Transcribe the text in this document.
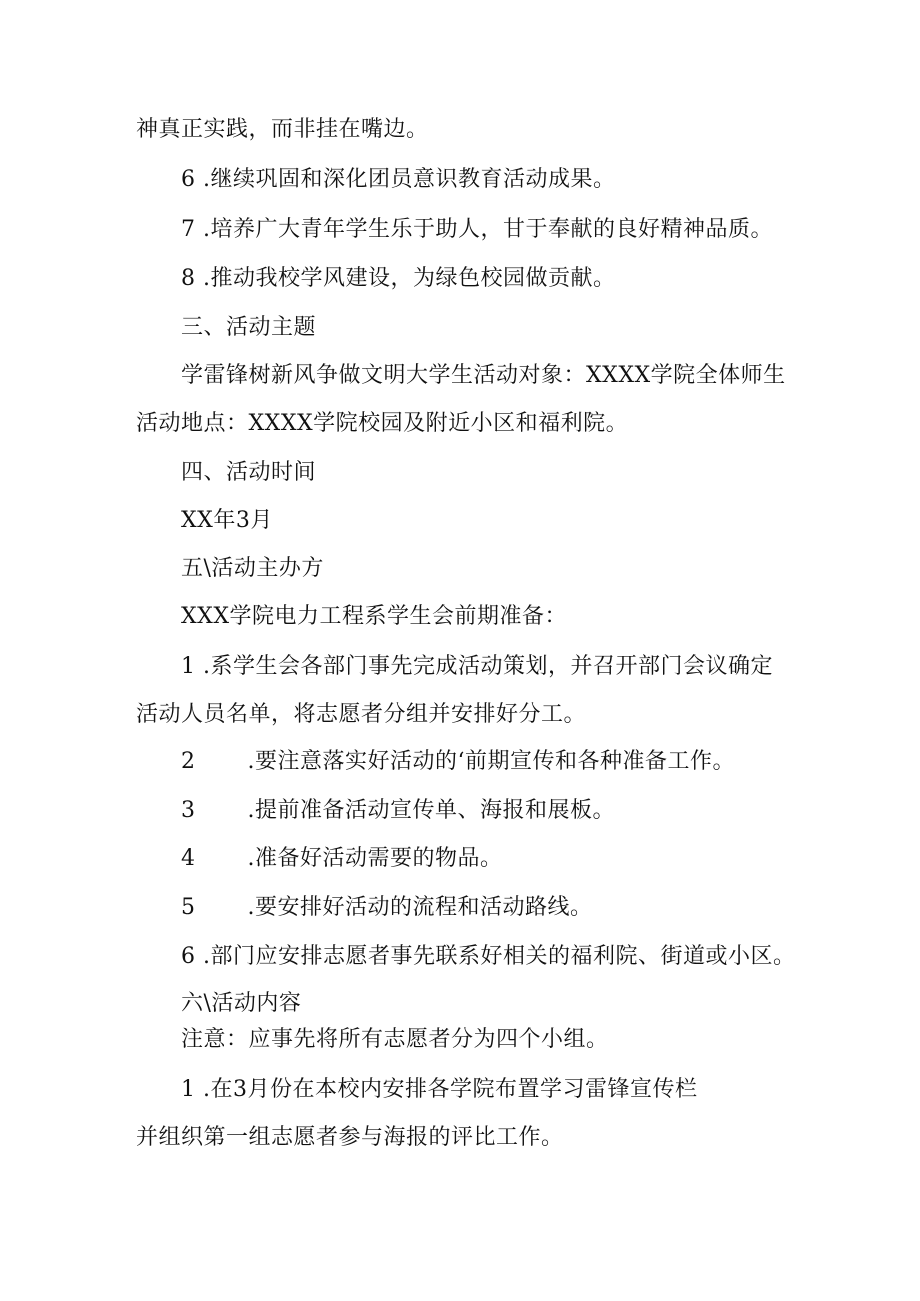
神真正实践，而非挂在嘴边。
6 .继续巩固和深化团员意识教育活动成果。
7 .培养广大青年学生乐于助人，甘于奉献的良好精神品质。
8 .推动我校学风建设，为绿色校园做贡献。
三、活动主题
学雷锋树新风争做文明大学生活动对象：XXXX学院全体师生
活动地点：XXXX学院校园及附近小区和福利院。
四、活动时间
XX年3月
五\活动主办方
XXX学院电力工程系学生会前期准备：
1 .系学生会各部门事先完成活动策划，并召开部门会议确定
活动人员名单，将志愿者分组并安排好分工。
2 .要注意落实好活动的‘前期宣传和各种准备工作。
3 .提前准备活动宣传单、海报和展板。
4 .准备好活动需要的物品。
5 .要安排好活动的流程和活动路线。
6 .部门应安排志愿者事先联系好相关的福利院、街道或小区。
六\活动内容
注意：应事先将所有志愿者分为四个小组。
1 .在3月份在本校内安排各学院布置学习雷锋宣传栏
并组织第一组志愿者参与海报的评比工作。
